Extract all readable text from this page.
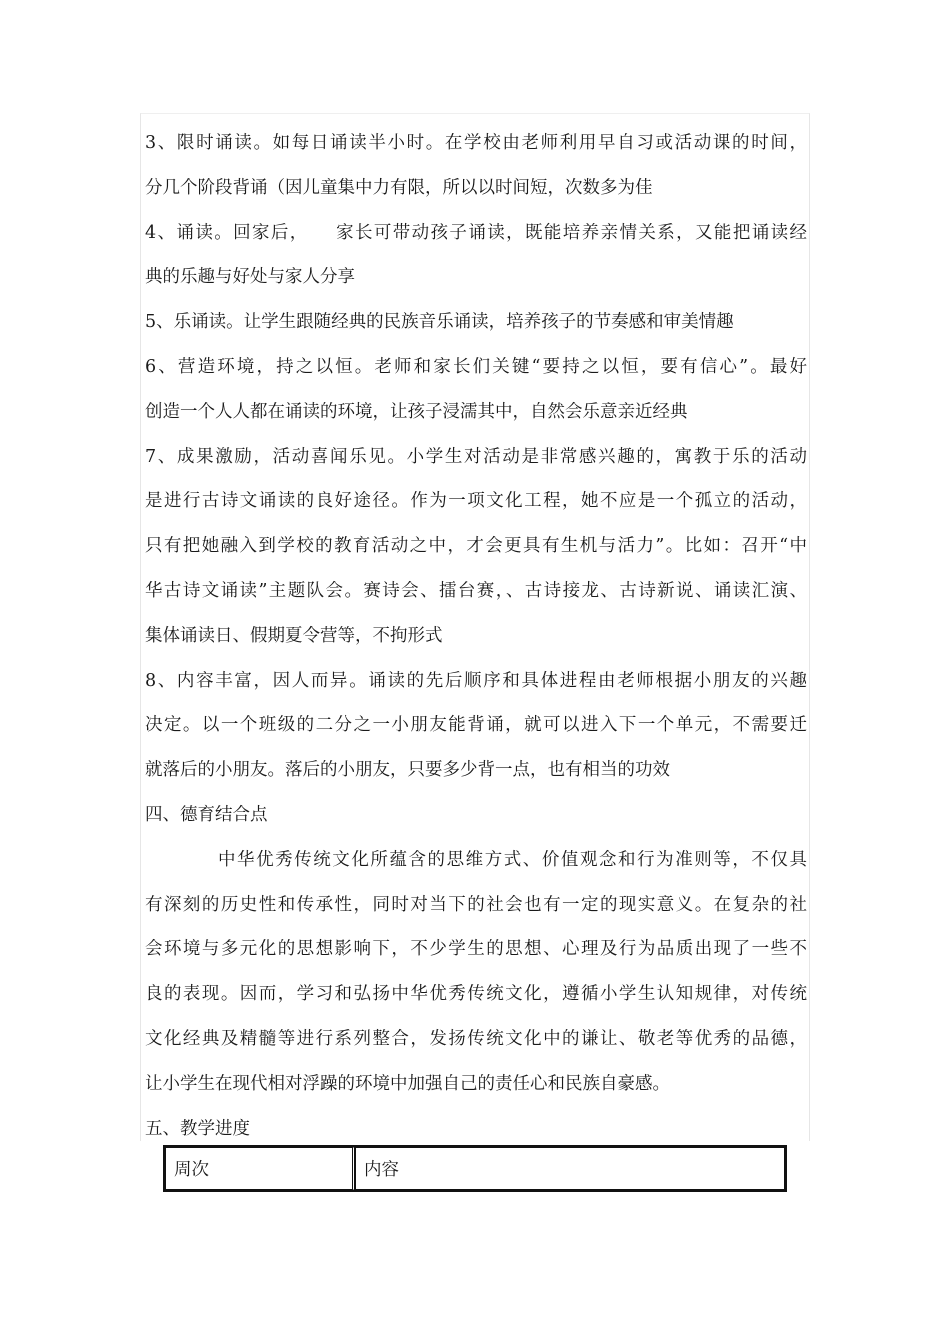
3、限时诵读。如每日诵读半小时。在学校由老师利用早自习或活动课的时间，
分几个阶段背诵（因儿童集中力有限，所以以时间短，次数多为佳
4、诵读。回家后， 家长可带动孩子诵读，既能培养亲情关系，又能把诵读经
典的乐趣与好处与家人分享
5、乐诵读。让学生跟随经典的民族音乐诵读，培养孩子的节奏感和审美情趣
6、营造环境，持之以恒。老师和家长们关键“要持之以恒，要有信心”。最好
创造一个人人都在诵读的环境，让孩子浸濡其中，自然会乐意亲近经典
7、成果激励，活动喜闻乐见。小学生对活动是非常感兴趣的，寓教于乐的活动
是进行古诗文诵读的良好途径。作为一项文化工程，她不应是一个孤立的活动，
只有把她融入到学校的教育活动之中，才会更具有生机与活力”。比如：召开“中
华古诗文诵读”主题队会。赛诗会、擂台赛，、古诗接龙、古诗新说、诵读汇演、
集体诵读日、假期夏令营等，不拘形式
8、内容丰富，因人而异。诵读的先后顺序和具体进程由老师根据小朋友的兴趣
决定。以一个班级的二分之一小朋友能背诵，就可以进入下一个单元，不需要迁
就落后的小朋友。落后的小朋友，只要多少背一点，也有相当的功效
四、德育结合点
中华优秀传统文化所蕴含的思维方式、价值观念和行为准则等，不仅具
有深刻的历史性和传承性，同时对当下的社会也有一定的现实意义。在复杂的社
会环境与多元化的思想影响下，不少学生的思想、心理及行为品质出现了一些不
良的表现。因而，学习和弘扬中华优秀传统文化，遵循小学生认知规律，对传统
文化经典及精髓等进行系列整合，发扬传统文化中的谦让、敬老等优秀的品德，
让小学生在现代相对浮躁的环境中加强自己的责任心和民族自豪感。
五、教学进度
周次	内容
